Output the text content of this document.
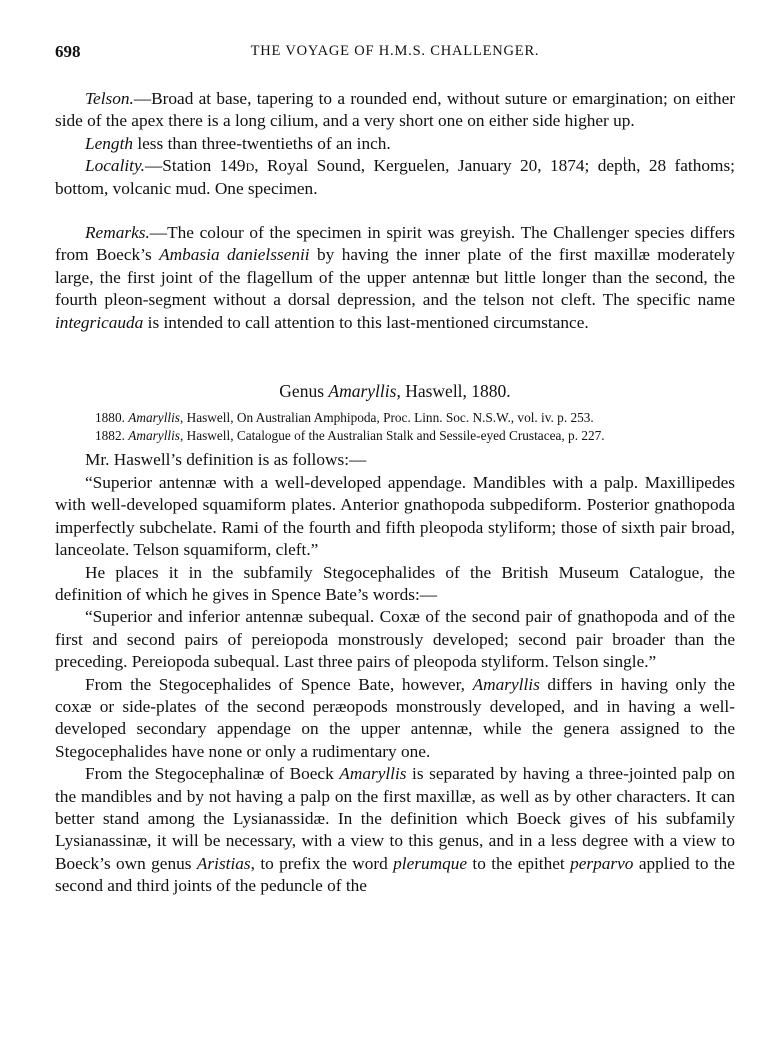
698	THE VOYAGE OF H.M.S. CHALLENGER.

Telson.—Broad at base, tapering to a rounded end, without suture or emargination; on either side of the apex there is a long cilium, and a very short one on either side higher up.

Length less than three-twentieths of an inch.

Locality.—Station 149d, Royal Sound, Kerguelen, January 20, 1874; depth, 28 fathoms; bottom, volcanic mud. One specimen.

Remarks.—The colour of the specimen in spirit was greyish. The Challenger species differs from Boeck’s Ambasia danielssenii by having the inner plate of the first maxillæ moderately large, the first joint of the flagellum of the upper antennæ but little longer than the second, the fourth pleon-segment without a dorsal depression, and the telson not cleft. The specific name integricauda is intended to call attention to this last-mentioned circumstance.

Genus Amaryllis, Haswell, 1880.

1880. Amaryllis, Haswell, On Australian Amphipoda, Proc. Linn. Soc. N.S.W., vol. iv. p. 253.

1882. Amaryllis, Haswell, Catalogue of the Australian Stalk and Sessile-eyed Crustacea, p. 227.

Mr. Haswell’s definition is as follows:—

“Superior antennæ with a well-developed appendage. Mandibles with a palp. Maxillipedes with well-developed squamiform plates. Anterior gnathopoda subpediform. Posterior gnathopoda imperfectly subchelate. Rami of the fourth and fifth pleopoda styliform; those of sixth pair broad, lanceolate. Telson squamiform, cleft.”

He places it in the subfamily Stegocephalides of the British Museum Catalogue, the definition of which he gives in Spence Bate’s words:—

“Superior and inferior antennæ subequal. Coxæ of the second pair of gnathopoda and of the first and second pairs of pereiopoda monstrously developed; second pair broader than the preceding. Pereiopoda subequal. Last three pairs of pleopoda styliform. Telson single.”

From the Stegocephalides of Spence Bate, however, Amaryllis differs in having only the coxæ or side-plates of the second peræopods monstrously developed, and in having a well-developed secondary appendage on the upper antennæ, while the genera assigned to the Stegocephalides have none or only a rudimentary one.

From the Stegocephalinæ of Boeck Amaryllis is separated by having a three-jointed palp on the mandibles and by not having a palp on the first maxillæ, as well as by other characters. It can better stand among the Lysianassidæ. In the definition which Boeck gives of his subfamily Lysianassinæ, it will be necessary, with a view to this genus, and in a less degree with a view to Boeck’s own genus Aristias, to prefix the word plerumque to the epithet perparvo applied to the second and third joints of the peduncle of the
